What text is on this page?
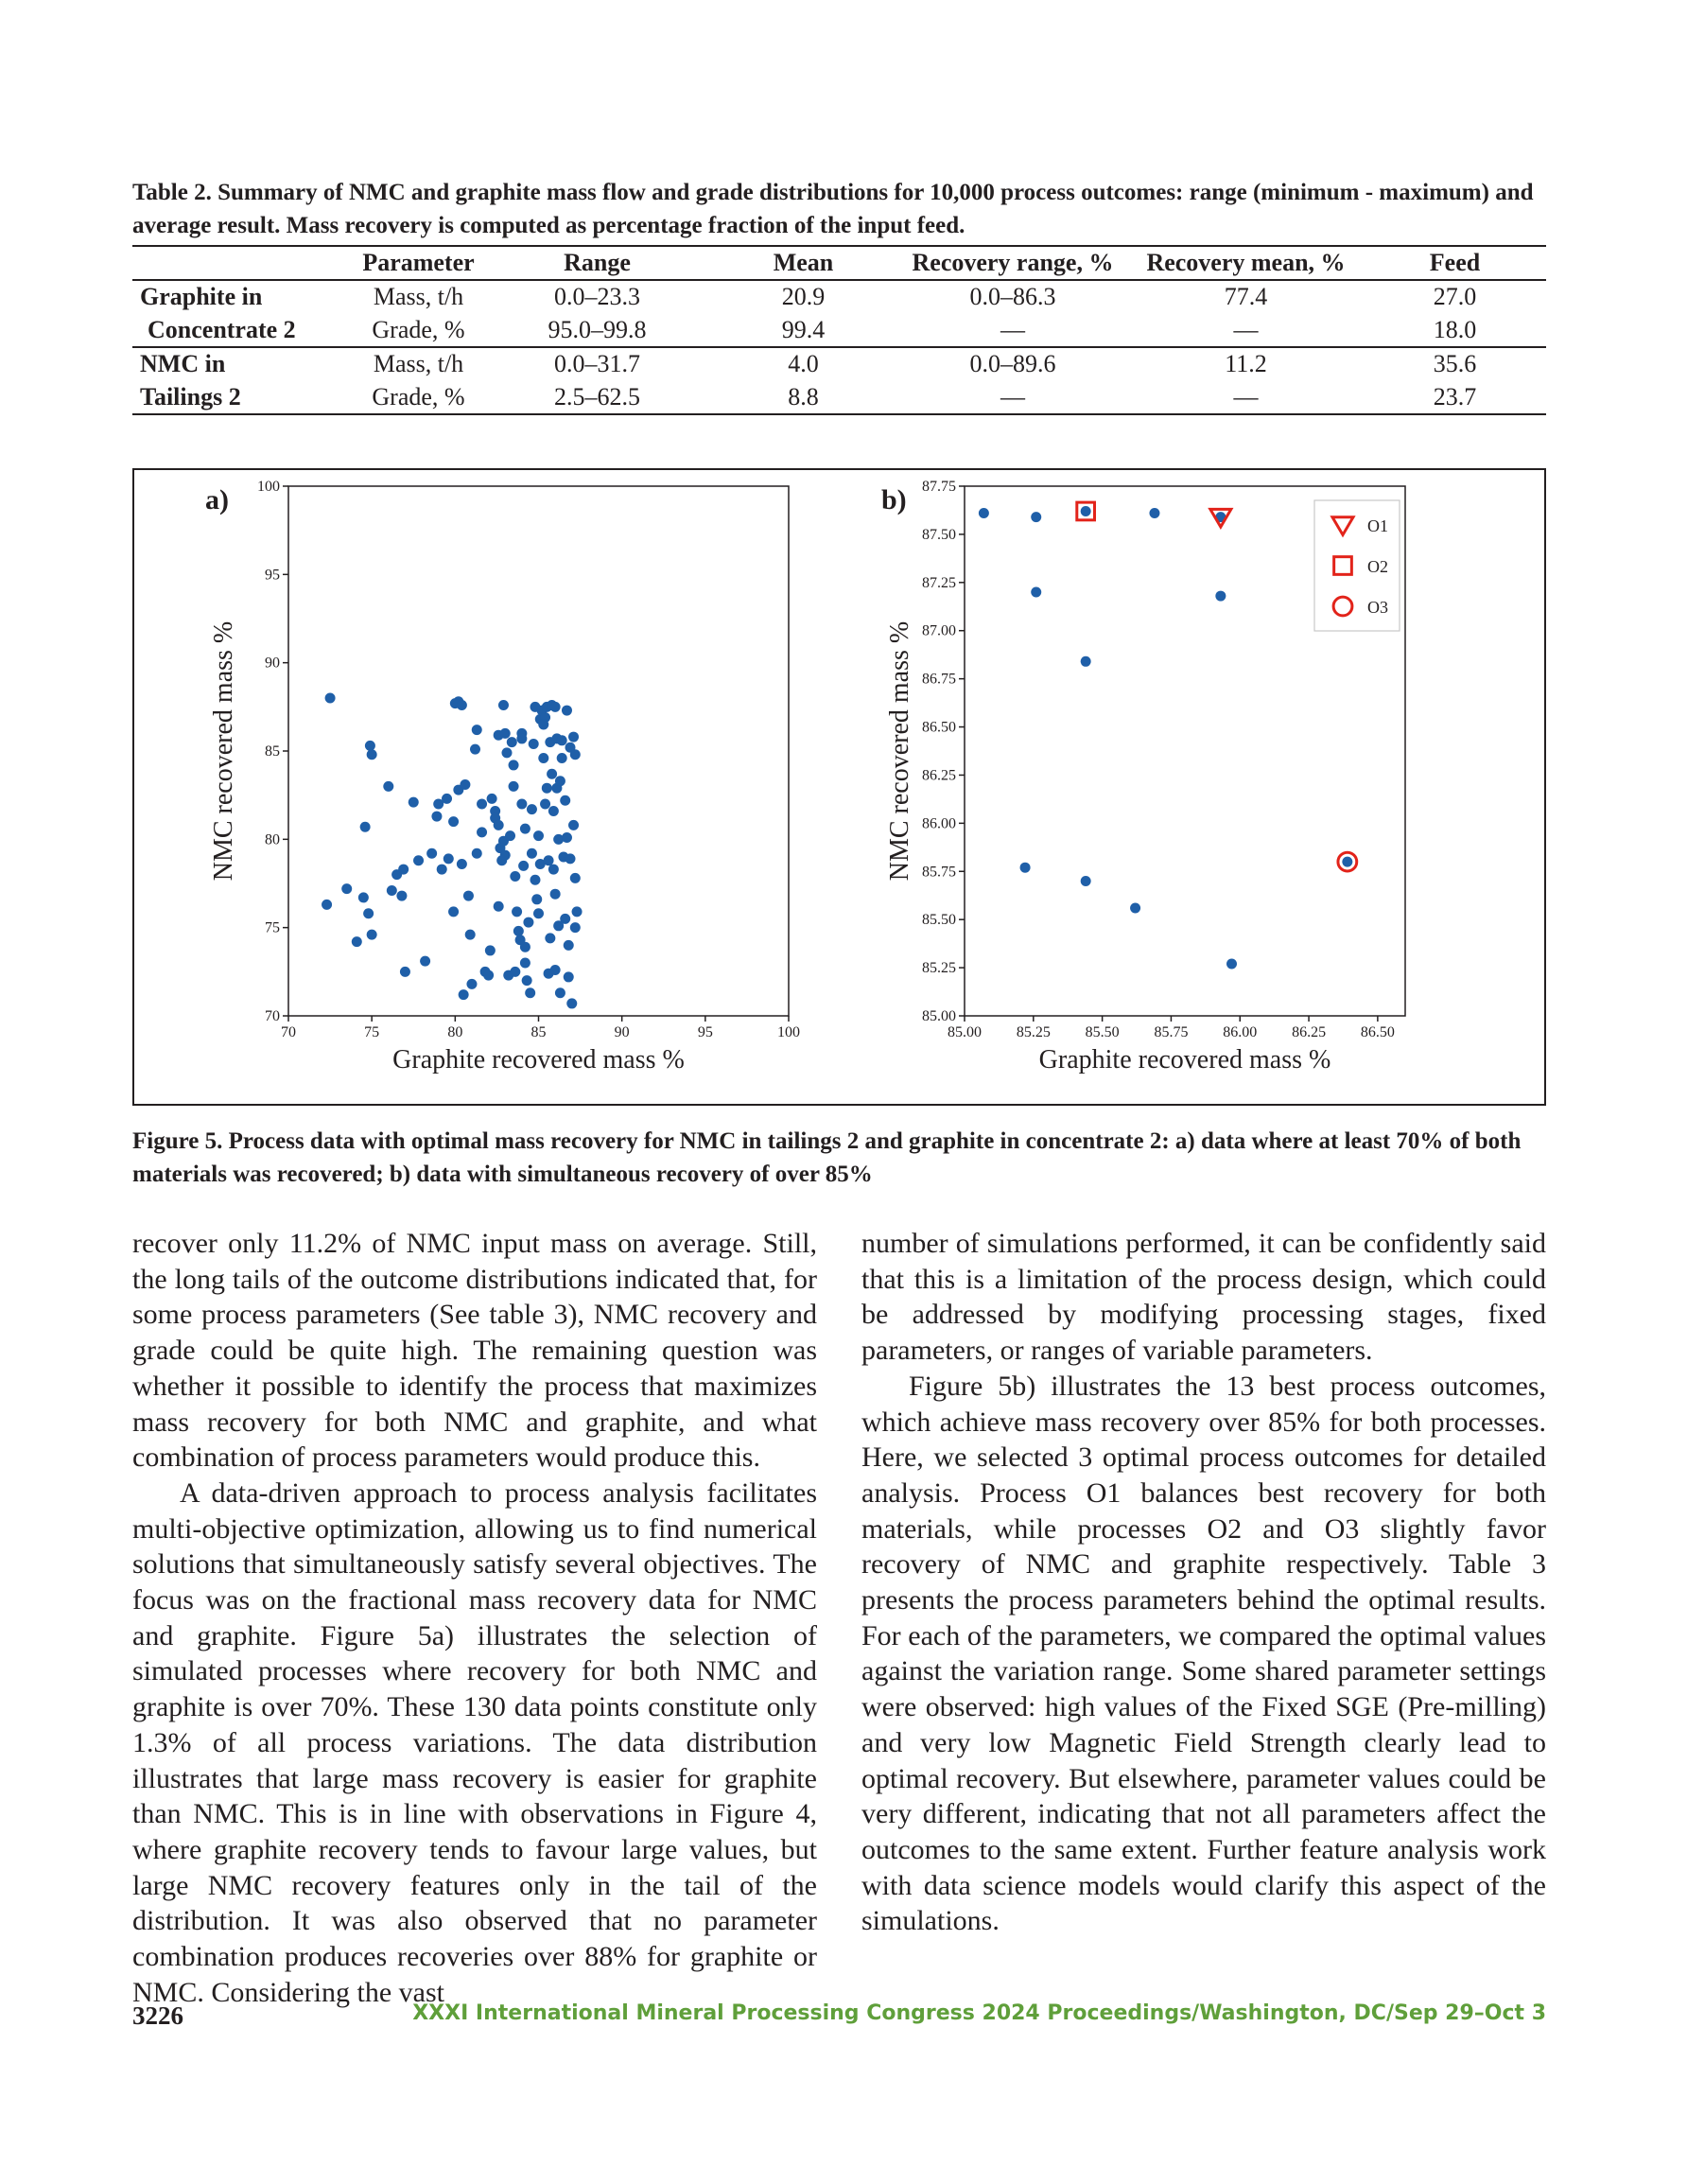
Table 2. Summary of NMC and graphite mass flow and grade distributions for 10,000 process outcomes: range (minimum - maximum) and average result. Mass recovery is computed as percentage fraction of the input feed.
	Parameter	Range	Mean	Recovery range, %	Recovery mean, %	Feed
Graphite in	Mass, t/h	0.0–23.3	20.9	0.0–86.3	77.4	27.0
Concentrate 2	Grade, %	95.0–99.8	99.4	—	—	18.0
NMC in	Mass, t/h	0.0–31.7	4.0	0.0–89.6	11.2	35.6
Tailings 2	Grade, %	2.5–62.5	8.8	—	—	23.7
70	75	80	85	90	95	100
70
75
80
85
90
95
100
Graphite recovered mass %
NMC recovered mass %
a)
85.00 85.25 85.50 85.75 86.00 86.25 86.50
85.00
85.25
85.50
85.75
86.00
86.25
86.50
86.75
87.00
87.25
87.50
87.75
Graphite recovered mass %
NMC recovered mass %
b)
O1
O2
O3
Figure 5. Process data with optimal mass recovery for NMC in tailings 2 and graphite in concentrate 2: a) data where at least 70% of both materials was recovered; b) data with simultaneous recovery of over 85%

recover only 11.2% of NMC input mass on average. Still, the long tails of the outcome distributions indicated that, for some process parameters (See table 3), NMC recovery and grade could be quite high. The remaining question was whether it possible to identify the process that maximizes mass recovery for both NMC and graphite, and what combination of process parameters would produce this.

A data-driven approach to process analysis facilitates multi-objective optimization, allowing us to find numerical solutions that simultaneously satisfy several objectives. The focus was on the fractional mass recovery data for NMC and graphite. Figure 5a) illustrates the selection of simulated processes where recovery for both NMC and graphite is over 70%. These 130 data points constitute only 1.3% of all process variations. The data distribution illustrates that large mass recovery is easier for graphite than NMC. This is in line with observations in Figure 4, where graphite recovery tends to favour large values, but large NMC recovery features only in the tail of the distribution. It was also observed that no parameter combination produces recoveries over 88% for graphite or NMC. Considering the vast

number of simulations performed, it can be confidently said that this is a limitation of the process design, which could be addressed by modifying processing stages, fixed parameters, or ranges of variable parameters.

Figure 5b) illustrates the 13 best process outcomes, which achieve mass recovery over 85% for both processes. Here, we selected 3 optimal process outcomes for detailed analysis. Process O1 balances best recovery for both materials, while processes O2 and O3 slightly favor recovery of NMC and graphite respectively. Table 3 presents the process parameters behind the optimal results. For each of the parameters, we compared the optimal values against the variation range. Some shared parameter settings were observed: high values of the Fixed SGE (Pre-milling) and very low Magnetic Field Strength clearly lead to optimal recovery. But elsewhere, parameter values could be very different, indicating that not all parameters affect the outcomes to the same extent. Further feature analysis work with data science models would clarify this aspect of the simulations.

3226	XXXI International Mineral Processing Congress 2024 Proceedings/Washington, DC/Sep 29–Oct 3
